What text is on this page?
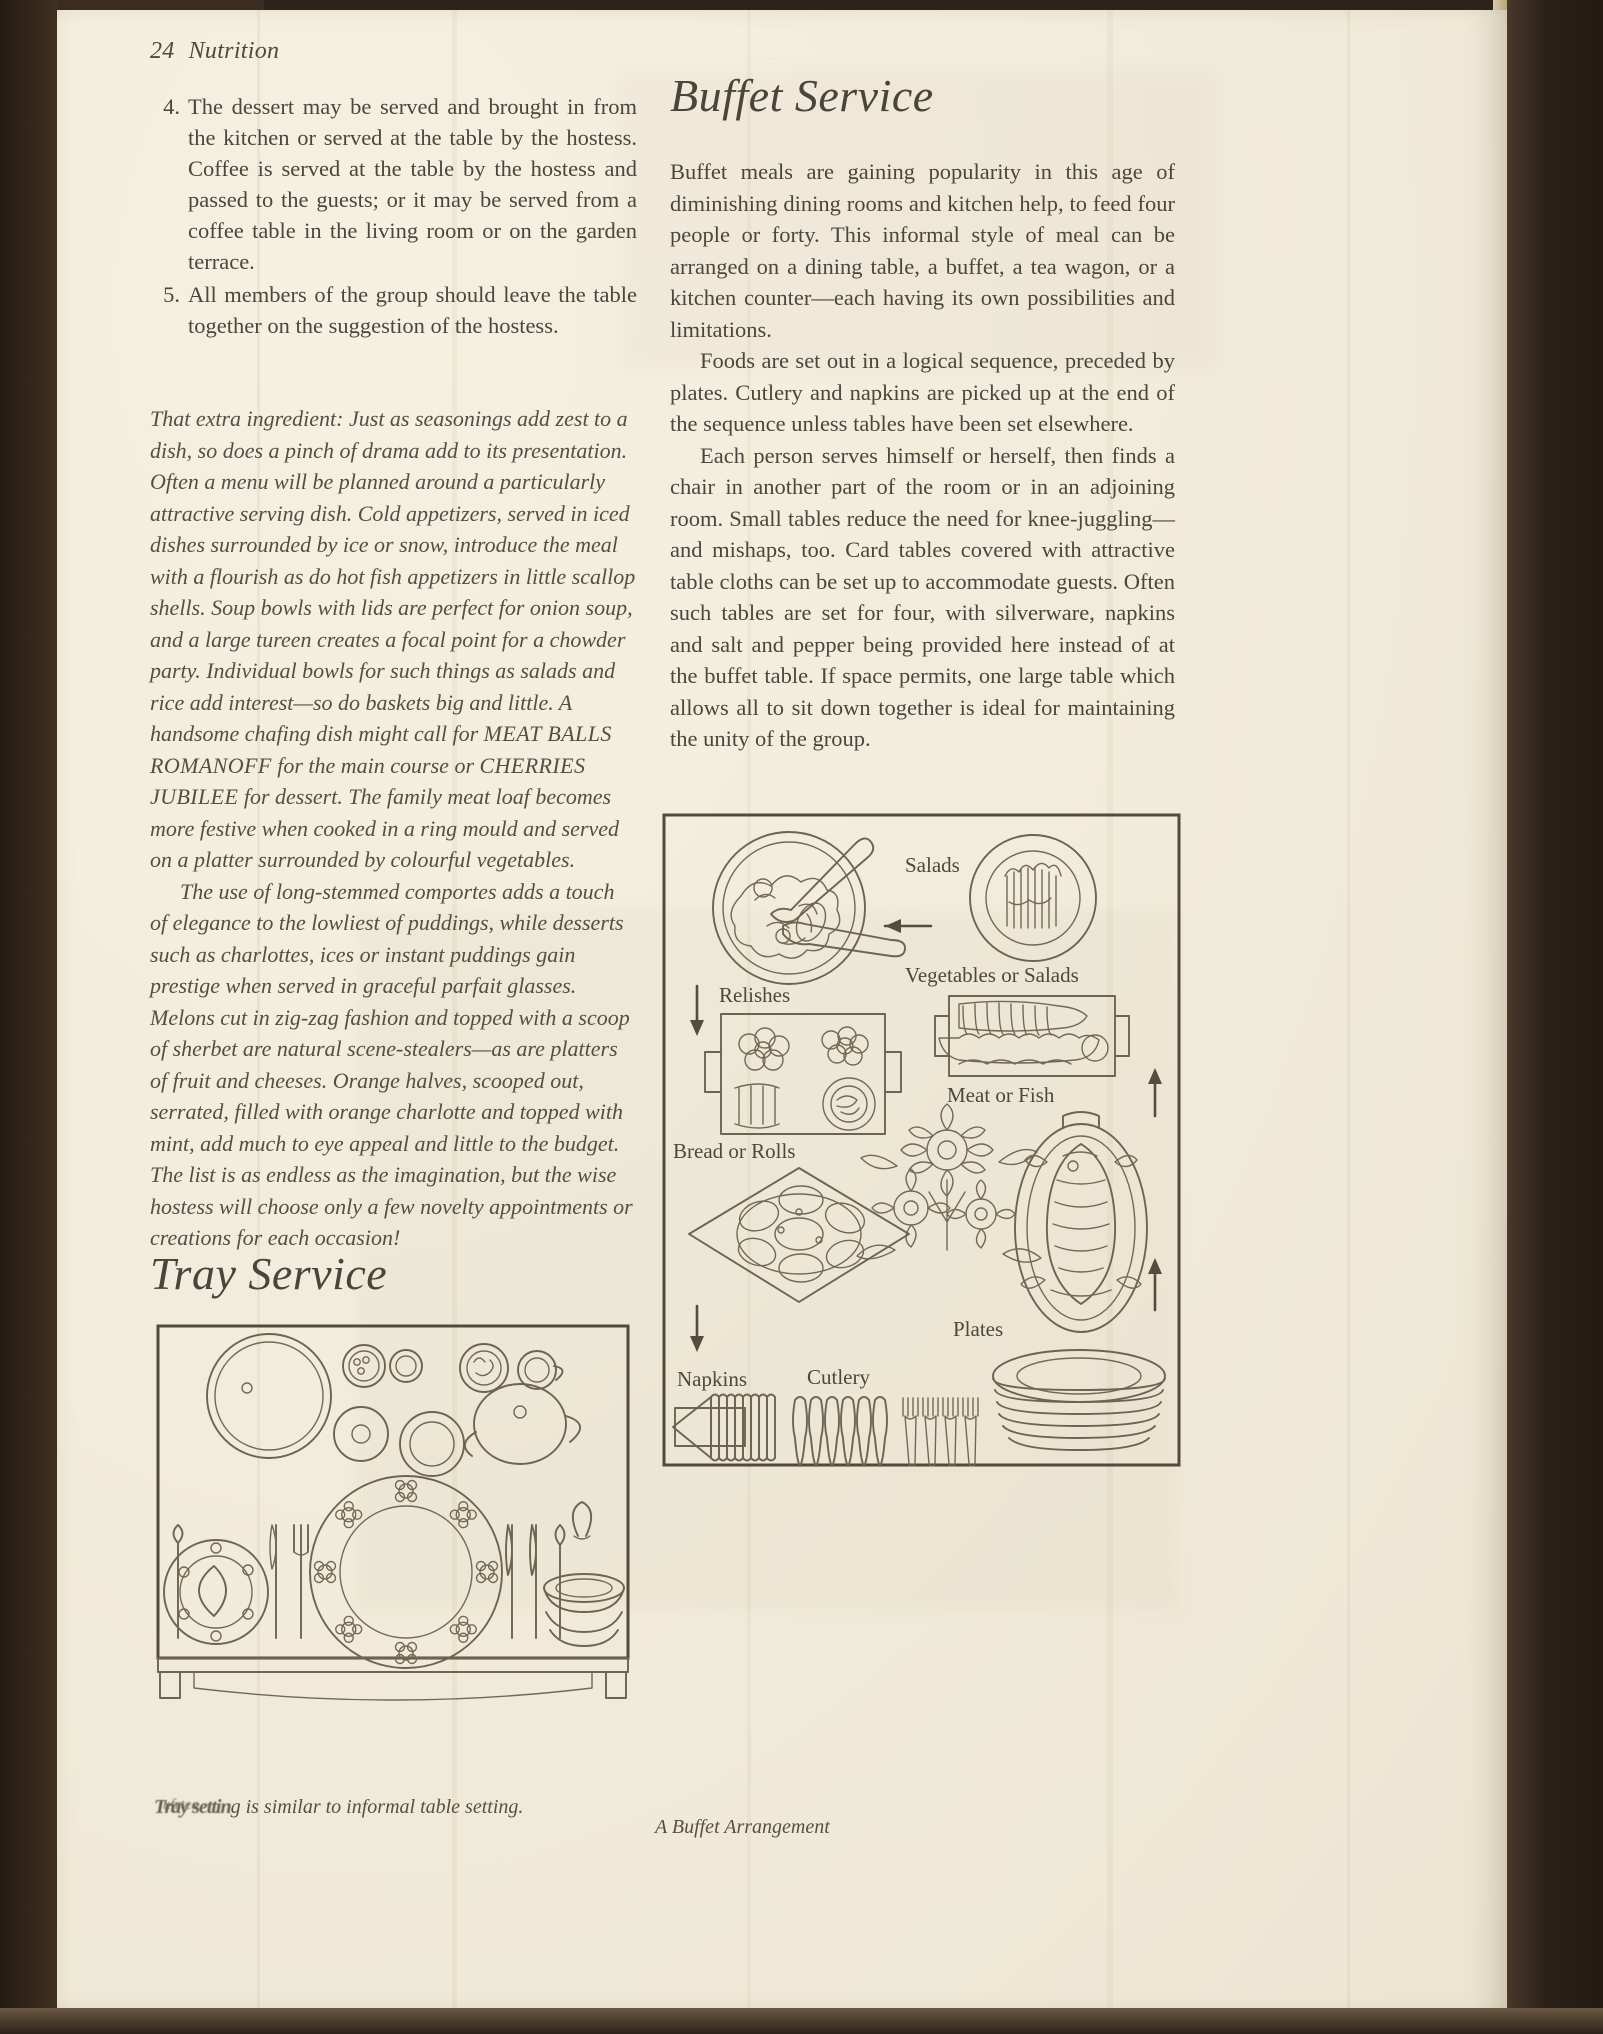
24 Nutrition
4. The dessert may be served and brought in from the kitchen or served at the table by the hostess. Coffee is served at the table by the hostess and passed to the guests; or it may be served from a coffee table in the living room or on the garden terrace.
5. All members of the group should leave the table together on the suggestion of the hostess.

That extra ingredient: Just as seasonings add zest to a dish, so does a pinch of drama add to its presentation. Often a menu will be planned around a particularly attractive serving dish. Cold appetizers, served in iced dishes surrounded by ice or snow, introduce the meal with a flourish as do hot fish appetizers in little scallop shells. Soup bowls with lids are perfect for onion soup, and a large tureen creates a focal point for a chowder party. Individual bowls for such things as salads and rice add interest—so do baskets big and little. A handsome chafing dish might call for MEAT BALLS ROMANOFF for the main course or CHERRIES JUBILEE for dessert. The family meat loaf becomes more festive when cooked in a ring mould and served on a platter surrounded by colourful vegetables.

The use of long-stemmed comportes adds a touch of elegance to the lowliest of puddings, while desserts such as charlottes, ices or instant puddings gain prestige when served in graceful parfait glasses. Melons cut in zig-zag fashion and topped with a scoop of sherbet are natural scene-stealers—as are platters of fruit and cheeses. Orange halves, scooped out, serrated, filled with orange charlotte and topped with mint, add much to eye appeal and little to the budget. The list is as endless as the imagination, but the wise hostess will choose only a few novelty appointments or creations for each occasion!

Tray Service
Tray settin ufrteag is similar to informal table setting.
Buffet Service

Buffet meals are gaining popularity in this age of diminishing dining rooms and kitchen help, to feed four people or forty. This informal style of meal can be arranged on a dining table, a buffet, a tea wagon, or a kitchen counter—each having its own possibilities and limitations.

Foods are set out in a logical sequence, preceded by plates. Cutlery and napkins are picked up at the end of the sequence unless tables have been set elsewhere.

Each person serves himself or herself, then finds a chair in another part of the room or in an adjoining room. Small tables reduce the need for knee-juggling—and mishaps, too. Card tables covered with attractive table cloths can be set up to accommodate guests. Often such tables are set for four, with silverware, napkins and salt and pepper being provided here instead of at the buffet table. If space permits, one large table which allows all to sit down together is ideal for maintaining the unity of the group.

Salads
Vegetables or Salads
Meat or Fish
Relishes
Bread or Rolls
Napkins	Cutlery
Plates
A Buffet Arrangement
